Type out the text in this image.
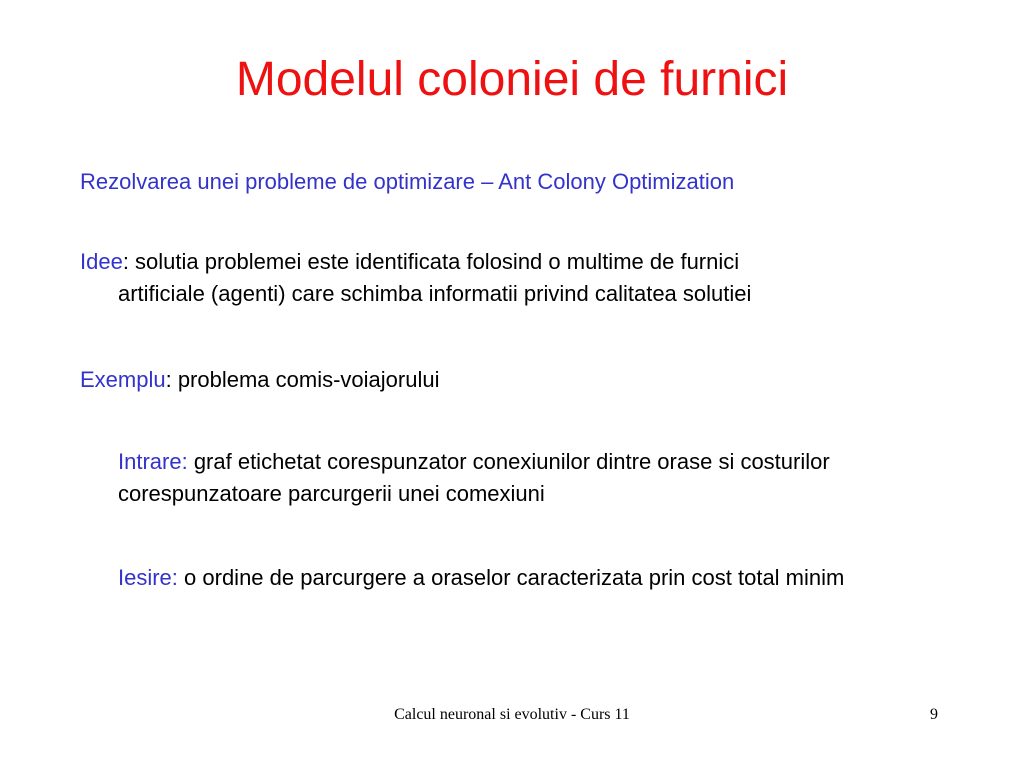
Modelul coloniei de furnici
Rezolvarea unei probleme de optimizare – Ant Colony Optimization
Idee: solutia problemei este identificata folosind o multime de furnici
artificiale (agenti) care schimba informatii privind calitatea solutiei
Exemplu: problema comis-voiajorului
Intrare: graf etichetat corespunzator conexiunilor dintre orase si costurilor corespunzatoare parcurgerii unei comexiuni
Iesire: o ordine de parcurgere a oraselor caracterizata prin cost total minim
Calcul neuronal si evolutiv - Curs 11	9
